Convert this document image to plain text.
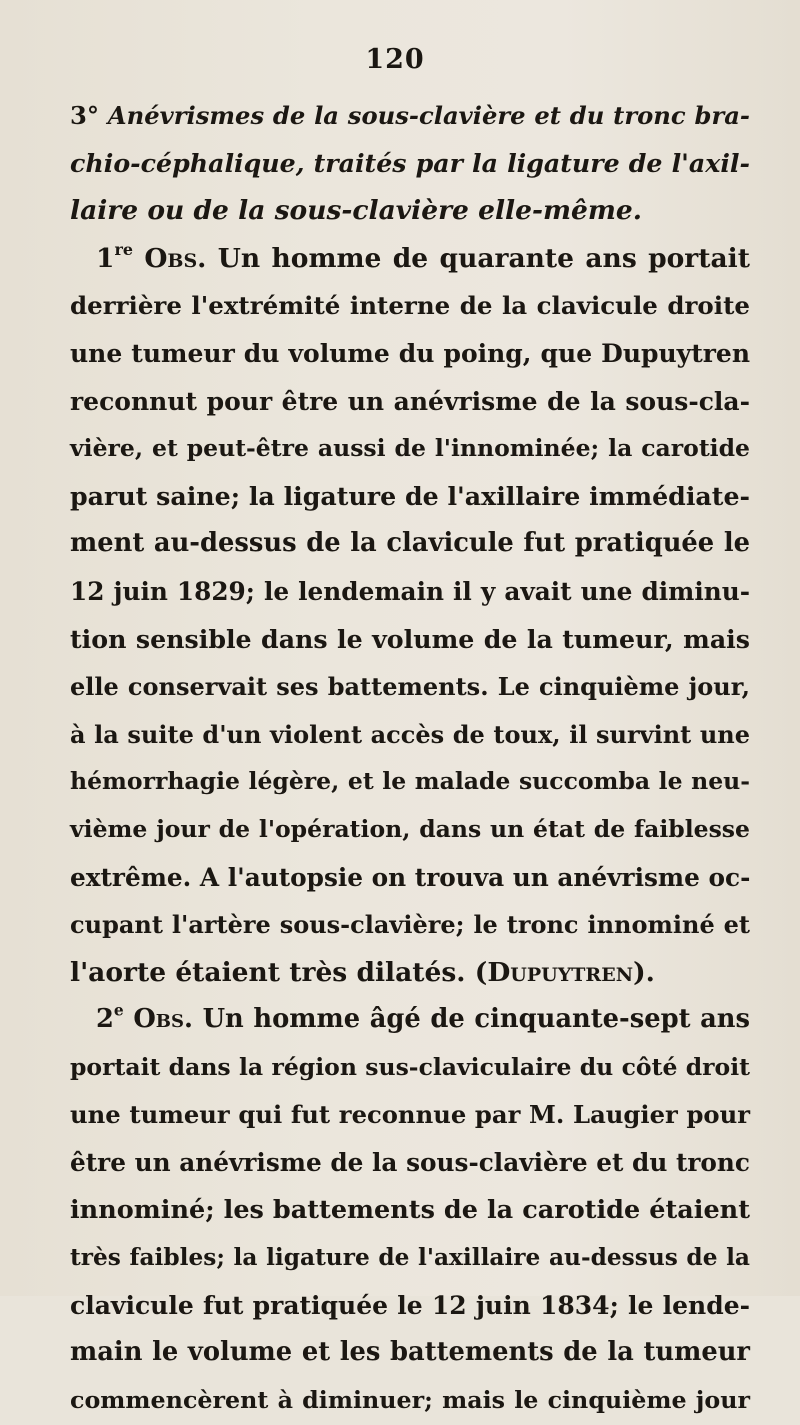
120
3° Anévrismes de la sous-clavière et du tronc bra-
chio-céphalique, traités par la ligature de l'axil-
laire ou de la sous-clavière elle-même.
1re Obs. Un homme de quarante ans portait
derrière l'extrémité interne de la clavicule droite
une tumeur du volume du poing, que Dupuytren
reconnut pour être un anévrisme de la sous-cla-
vière, et peut-être aussi de l'innominée; la carotide
parut saine; la ligature de l'axillaire immédiate-
ment au-dessus de la clavicule fut pratiquée le
12 juin 1829; le lendemain il y avait une diminu-
tion sensible dans le volume de la tumeur, mais
elle conservait ses battements. Le cinquième jour,
à la suite d'un violent accès de toux, il survint une
hémorrhagie légère, et le malade succomba le neu-
vième jour de l'opération, dans un état de faiblesse
extrême. A l'autopsie on trouva un anévrisme oc-
cupant l'artère sous-clavière; le tronc innominé et
l'aorte étaient très dilatés. (Dupuytren).
2e Obs. Un homme âgé de cinquante-sept ans
portait dans la région sus-claviculaire du côté droit
une tumeur qui fut reconnue par M. Laugier pour
être un anévrisme de la sous-clavière et du tronc
innominé; les battements de la carotide étaient
très faibles; la ligature de l'axillaire au-dessus de la
clavicule fut pratiquée le 12 juin 1834; le lende-
main le volume et les battements de la tumeur
commencèrent à diminuer; mais le cinquième jour
